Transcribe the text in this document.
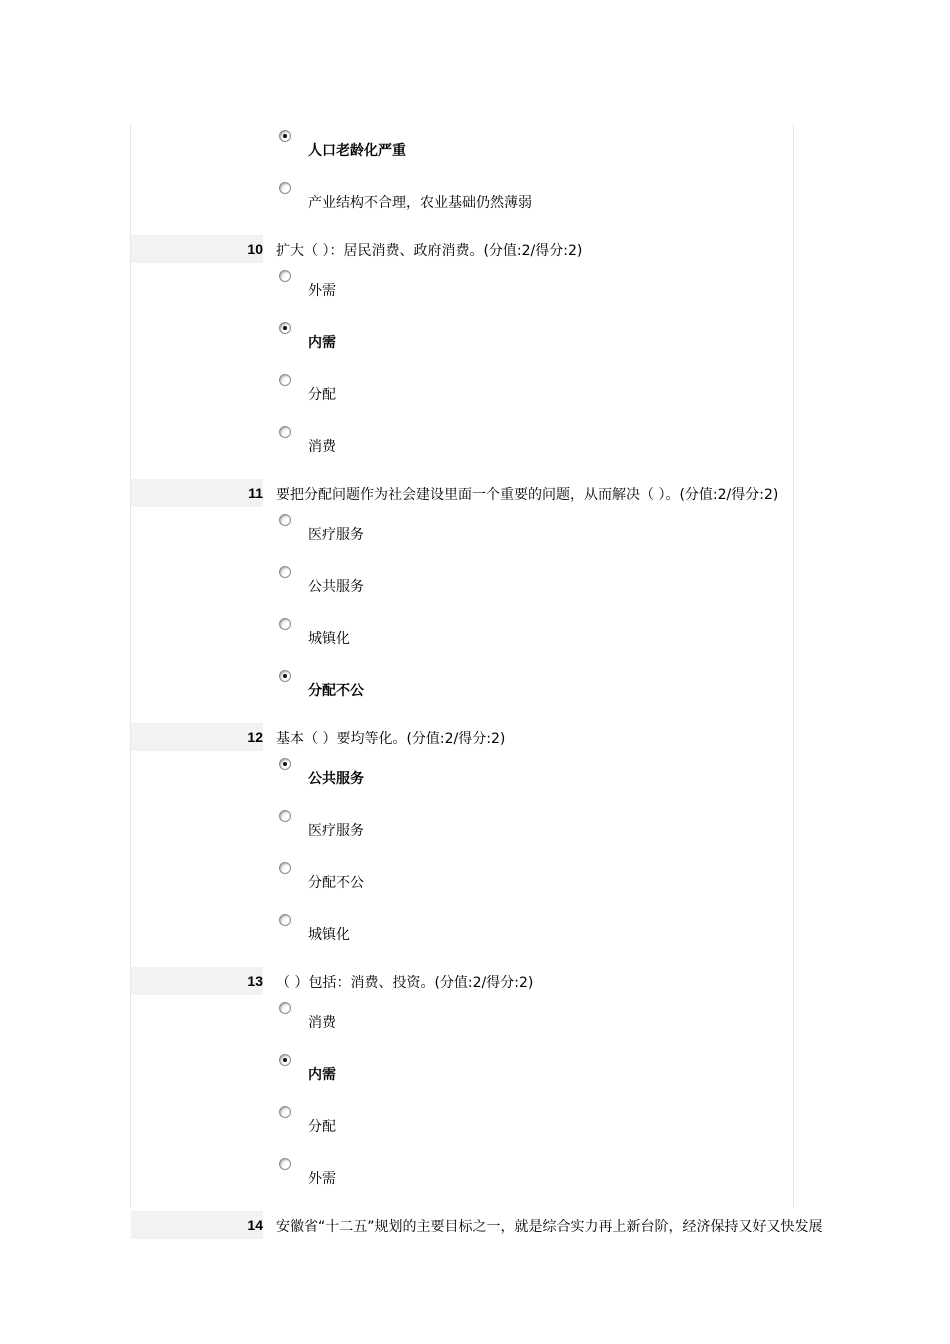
人口老龄化严重
产业结构不合理，农业基础仍然薄弱
10 扩大（ ）：居民消费、政府消费。(分值:2/得分:2)
外需
内需
分配
消费
11 要把分配问题作为社会建设里面一个重要的问题，从而解决（ ）。(分值:2/得分:2)
医疗服务
公共服务
城镇化
分配不公
12 基本（ ）要均等化。(分值:2/得分:2)
公共服务
医疗服务
分配不公
城镇化
13 （ ）包括：消费、投资。(分值:2/得分:2)
消费
内需
分配
外需
14 安徽省“十二五”规划的主要目标之一，就是综合实力再上新台阶，经济保持又好又快发展
